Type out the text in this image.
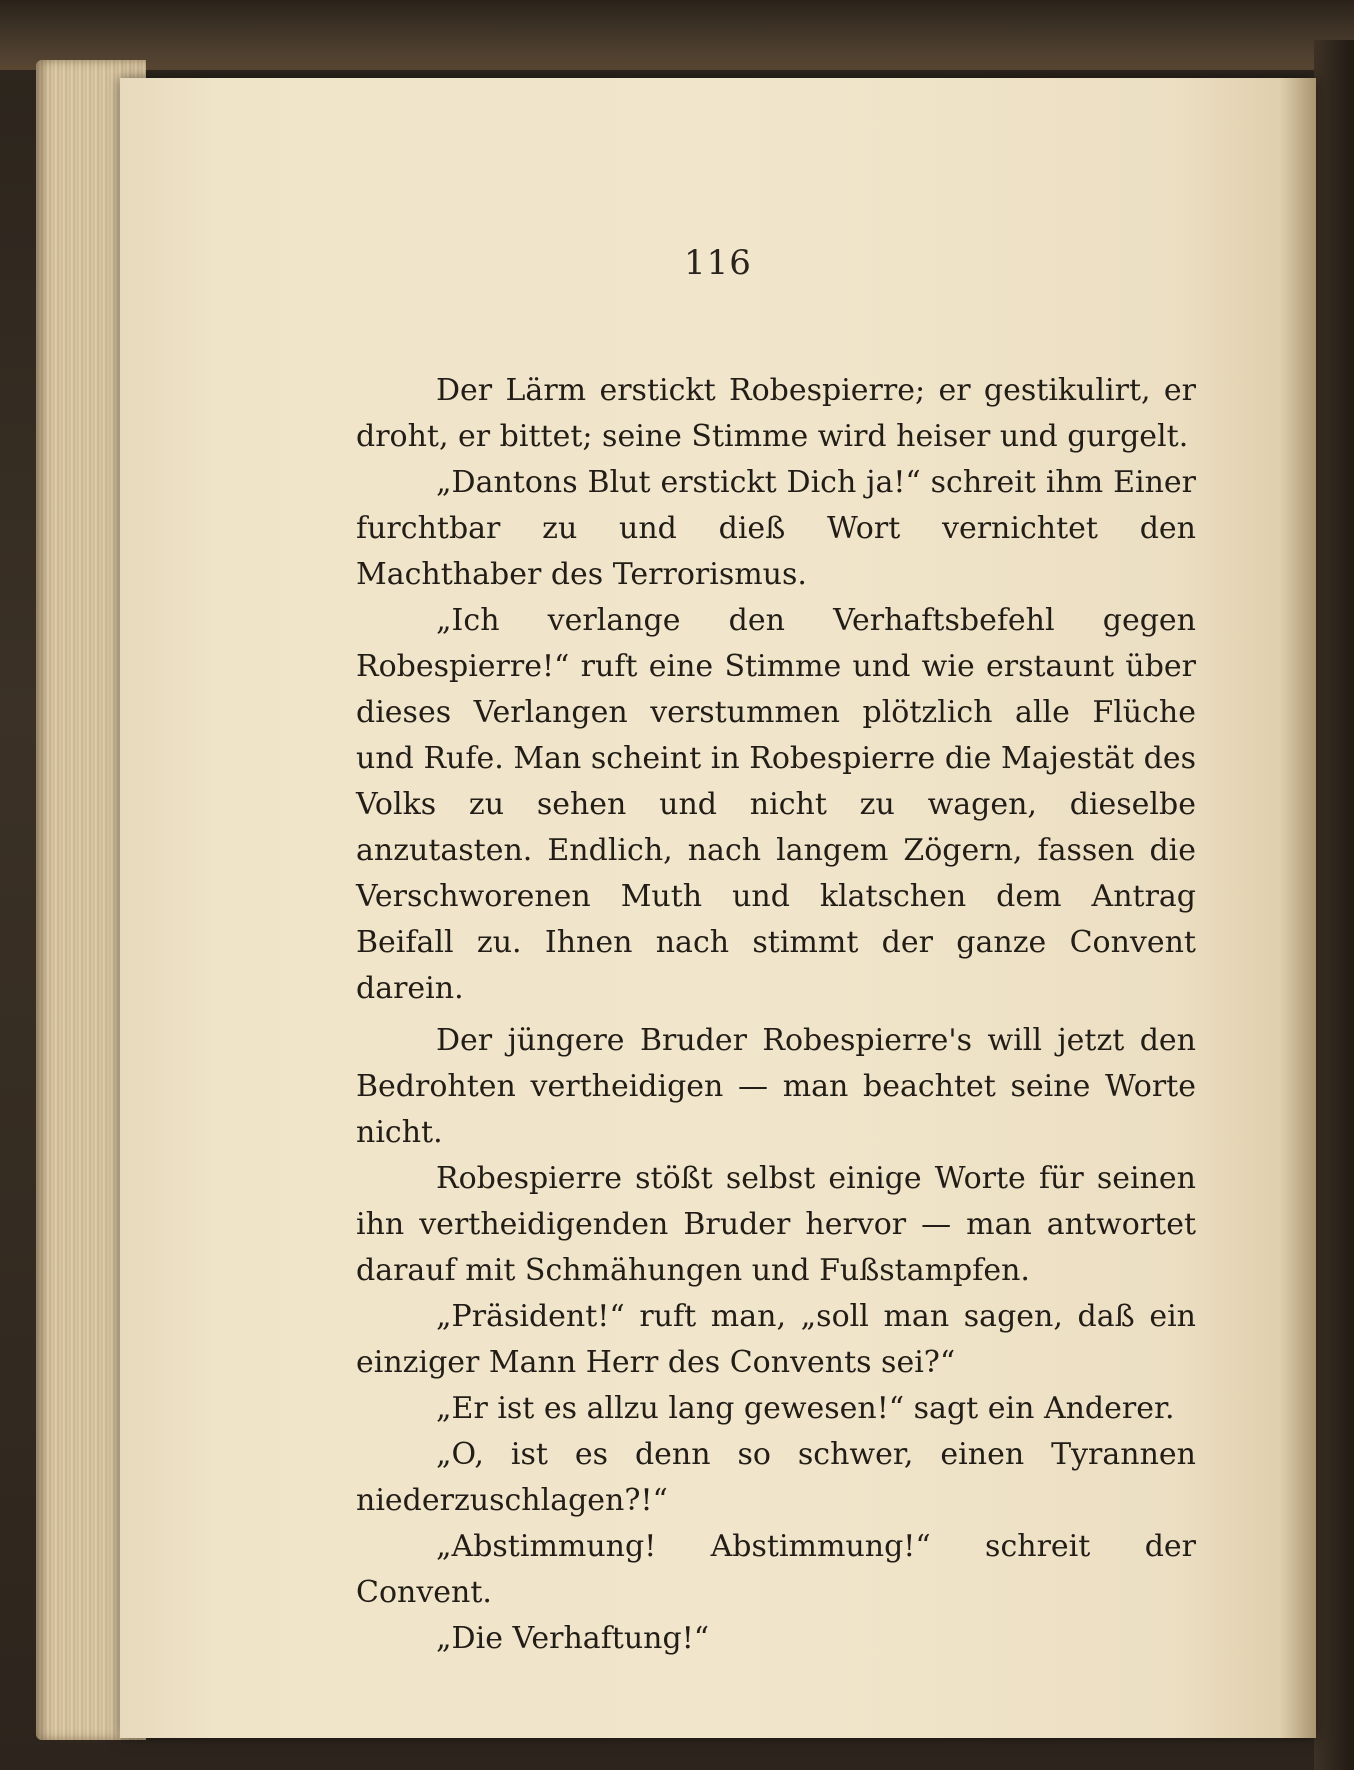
116

Der Lärm erstickt Robespierre; er gestikulirt, er droht, er bittet; seine Stimme wird heiser und gurgelt.

„Dantons Blut erstickt Dich ja!“ schreit ihm Einer furchtbar zu und dieß Wort vernichtet den Machthaber des Terrorismus.

„Ich verlange den Verhaftsbefehl gegen Robespierre!“ ruft eine Stimme und wie erstaunt über dieses Verlangen verstummen plötzlich alle Flüche und Rufe. Man scheint in Robespierre die Majestät des Volks zu sehen und nicht zu wagen, dieselbe anzutasten. Endlich, nach langem Zögern, fassen die Verschworenen Muth und klatschen dem Antrag Beifall zu. Ihnen nach stimmt der ganze Convent darein.

Der jüngere Bruder Robespierre's will jetzt den Bedrohten vertheidigen — man beachtet seine Worte nicht.

Robespierre stößt selbst einige Worte für seinen ihn vertheidigenden Bruder hervor — man antwortet darauf mit Schmähungen und Fußstampfen.

„Präsident!“ ruft man, „soll man sagen, daß ein einziger Mann Herr des Convents sei?“

„Er ist es allzu lang gewesen!“ sagt ein Anderer.

„O, ist es denn so schwer, einen Tyrannen niederzuschlagen?!“

„Abstimmung! Abstimmung!“ schreit der Convent.

„Die Verhaftung!“
